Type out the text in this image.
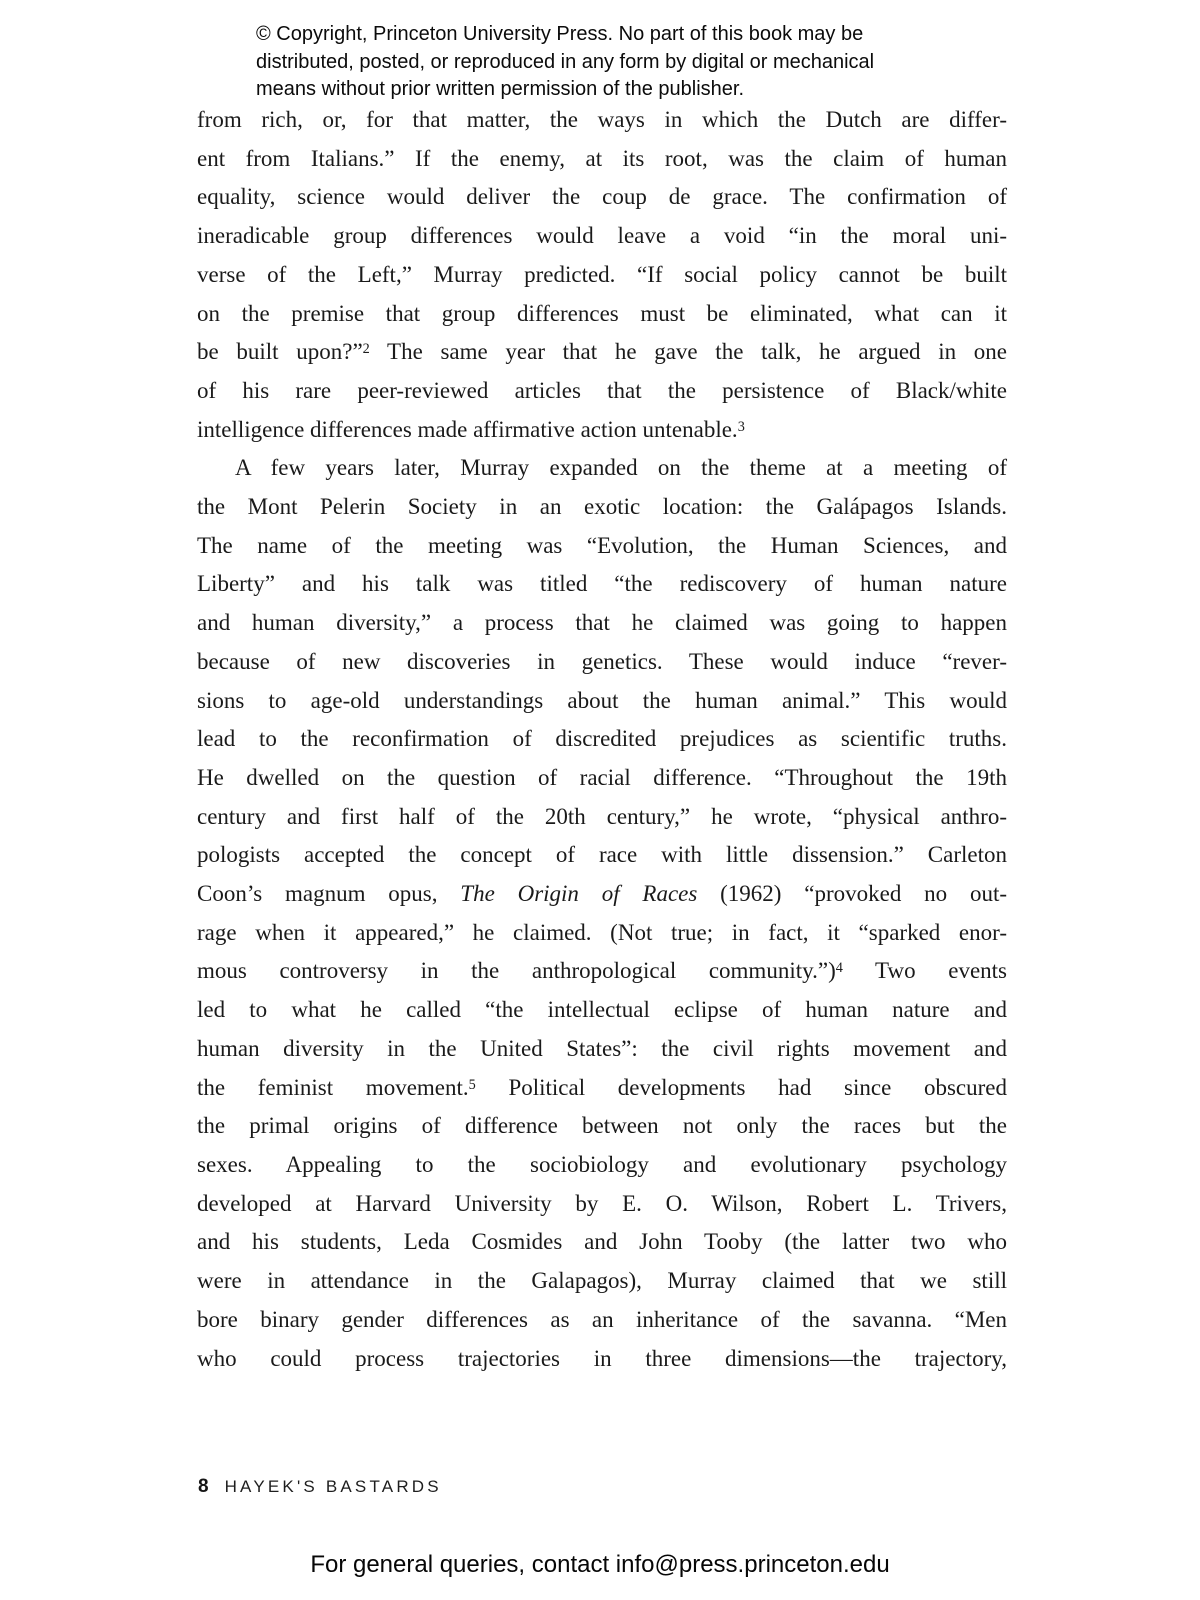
© Copyright, Princeton University Press. No part of this book may be
distributed, posted, or reproduced in any form by digital or mechanical
means without prior written permission of the publisher.
from rich, or, for that matter, the ways in which the Dutch are differ-
ent from Italians.” If the enemy, at its root, was the claim of human
equality, science would deliver the coup de grace. The confirmation of
ineradicable group differences would leave a void “in the moral uni-
verse of the Left,” Murray predicted. “If social policy cannot be built
on the premise that group differences must be eliminated, what can it
be built upon?”$^2$ The same year that he gave the talk, he argued in one
of his rare peer-reviewed articles that the persistence of Black/white
intelligence differences made affirmative action untenable.$^3$
A few years later, Murray expanded on the theme at a meeting of
the Mont Pelerin Society in an exotic location: the Galápagos Islands.
The name of the meeting was “Evolution, the Human Sciences, and
Liberty” and his talk was titled “the rediscovery of human nature
and human diversity,” a process that he claimed was going to happen
because of new discoveries in genetics. These would induce “rever-
sions to age-old understandings about the human animal.” This would
lead to the reconfirmation of discredited prejudices as scientific truths.
He dwelled on the question of racial difference. “Throughout the 19th
century and first half of the 20th century,” he wrote, “physical anthro-
pologists accepted the concept of race with little dissension.” Carleton
Coon’s magnum opus, The Origin of Races (1962) “provoked no out-
rage when it appeared,” he claimed. (Not true; in fact, it “sparked enor-
mous controversy in the anthropological community.”)$^4$ Two events
led to what he called “the intellectual eclipse of human nature and
human diversity in the United States”: the civil rights movement and
the feminist movement.$^5$ Political developments had since obscured
the primal origins of difference between not only the races but the
sexes. Appealing to the sociobiology and evolutionary psychology
developed at Harvard University by E. O. Wilson, Robert L. Trivers,
and his students, Leda Cosmides and John Tooby (the latter two who
were in attendance in the Galapagos), Murray claimed that we still
bore binary gender differences as an inheritance of the savanna. “Men
who could process trajectories in three dimensions—the trajectory,
8 HAYEK'S BASTARDS
For general queries, contact info@press.princeton.edu
